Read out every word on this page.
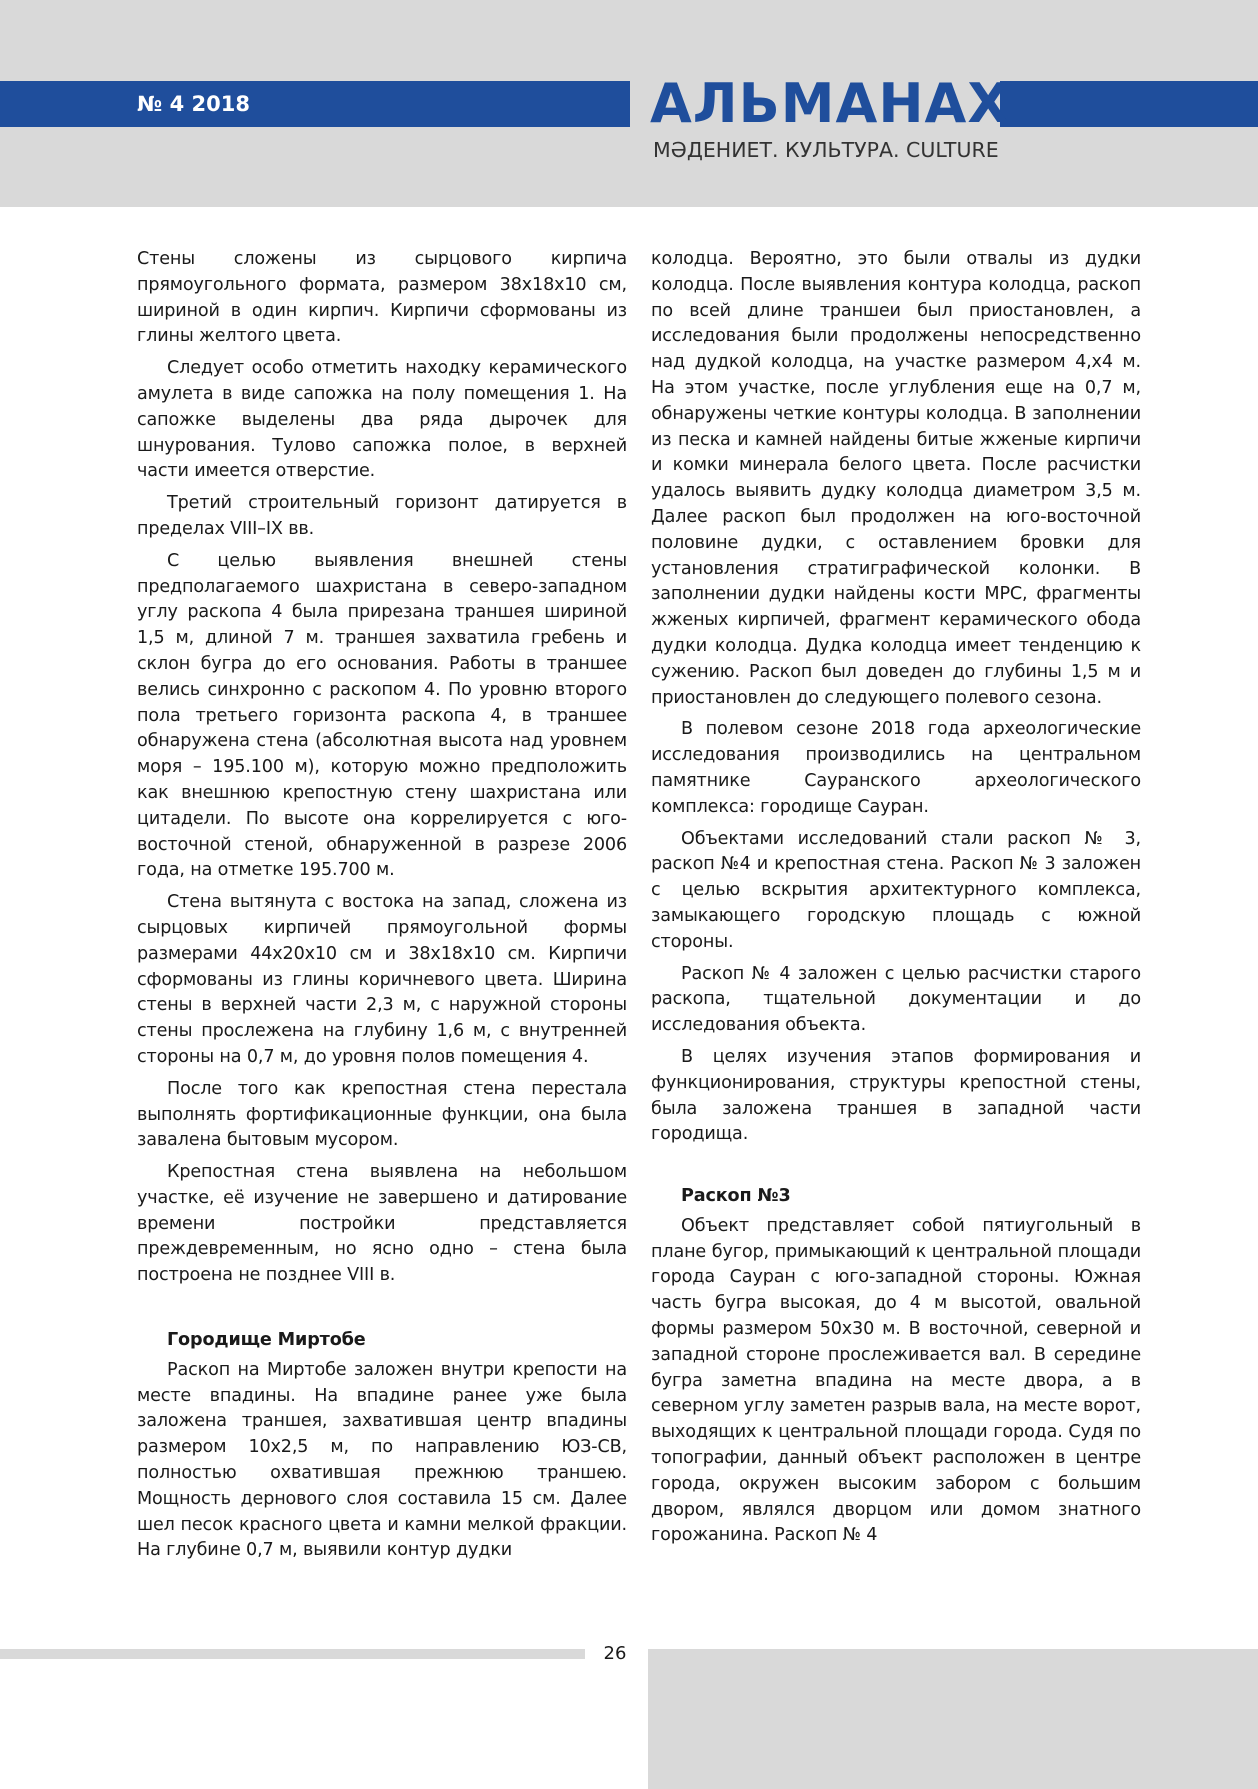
№ 4 2018	АЛЬМАНАХ
МӘДЕНИЕТ. КУЛЬТУРА. CULTURE

Стены сложены из сырцового кирпича прямоугольного формата, размером 38х18х10 см, шириной в один кирпич. Кирпичи сформованы из глины желтого цвета.

Следует особо отметить находку керамического амулета в виде сапожка на полу помещения 1. На сапожке выделены два ряда дырочек для шнурования. Тулово сапожка полое, в верхней части имеется отверстие.

Третий строительный горизонт датируется в пределах VIII–IX вв.

С целью выявления внешней стены предполагаемого шахристана в северо-западном углу раскопа 4 была прирезана траншея шириной 1,5 м, длиной 7 м. траншея захватила гребень и склон бугра до его основания. Работы в траншее велись синхронно с раскопом 4. По уровню второго пола третьего горизонта раскопа 4, в траншее обнаружена стена (абсолютная высота над уровнем моря – 195.100 м), которую можно предположить как внешнюю крепостную стену шахристана или цитадели. По высоте она коррелируется с юго-восточной стеной, обнаруженной в разрезе 2006 года, на отметке 195.700 м.

Стена вытянута с востока на запад, сложена из сырцовых кирпичей прямоугольной формы размерами 44х20х10 см и 38х18х10 см. Кирпичи сформованы из глины коричневого цвета. Ширина стены в верхней части 2,3 м, с наружной стороны стены прослежена на глубину 1,6 м, с внутренней стороны на 0,7 м, до уровня полов помещения 4.

После того как крепостная стена перестала выполнять фортификационные функции, она была завалена бытовым мусором.

Крепостная стена выявлена на небольшом участке, её изучение не завершено и датирование времени постройки представляется преждевременным, но ясно одно – стена была построена не позднее VIII в.

Городище Миртобе

Раскоп на Миртобе заложен внутри крепости на месте впадины. На впадине ранее уже была заложена траншея, захватившая центр впадины размером 10х2,5 м, по направлению ЮЗ-СВ, полностью охватившая прежнюю траншею. Мощность дернового слоя составила 15 см. Далее шел песок красного цвета и камни мелкой фракции. На глубине 0,7 м, выявили контур дудки

колодца. Вероятно, это были отвалы из дудки колодца. После выявления контура колодца, раскоп по всей длине траншеи был приостановлен, а исследования были продолжены непосредственно над дудкой колодца, на участке размером 4,х4 м. На этом участке, после углубления еще на 0,7 м, обнаружены четкие контуры колодца. В заполнении из песка и камней найдены битые жженые кирпичи и комки минерала белого цвета. После расчистки удалось выявить дудку колодца диаметром 3,5 м. Далее раскоп был продолжен на юго-восточной половине дудки, с оставлением бровки для установления стратиграфической колонки. В заполнении дудки найдены кости МРС, фрагменты жженых кирпичей, фрагмент керамического обода дудки колодца. Дудка колодца имеет тенденцию к сужению. Раскоп был доведен до глубины 1,5 м и приостановлен до следующего полевого сезона.

В полевом сезоне 2018 года археологические исследования производились на центральном памятнике Сауранского археологического комплекса: городище Сауран.

Объектами исследований стали раскоп № 3, раскоп №4 и крепостная стена. Раскоп № 3 заложен с целью вскрытия архитектурного комплекса, замыкающего городскую площадь с южной стороны.

Раскоп № 4 заложен с целью расчистки старого раскопа, тщательной документации и до исследования объекта.

В целях изучения этапов формирования и функционирования, структуры крепостной стены, была заложена траншея в западной части городища.

Раскоп №3

Объект представляет собой пятиугольный в плане бугор, примыкающий к центральной площади города Сауран с юго-западной стороны. Южная часть бугра высокая, до 4 м высотой, овальной формы размером 50х30 м. В восточной, северной и западной стороне прослеживается вал. В середине бугра заметна впадина на месте двора, а в северном углу заметен разрыв вала, на месте ворот, выходящих к центральной площади города. Судя по топографии, данный объект расположен в центре города, окружен высоким забором с большим двором, являлся дворцом или домом знатного горожанина. Раскоп № 4

26
